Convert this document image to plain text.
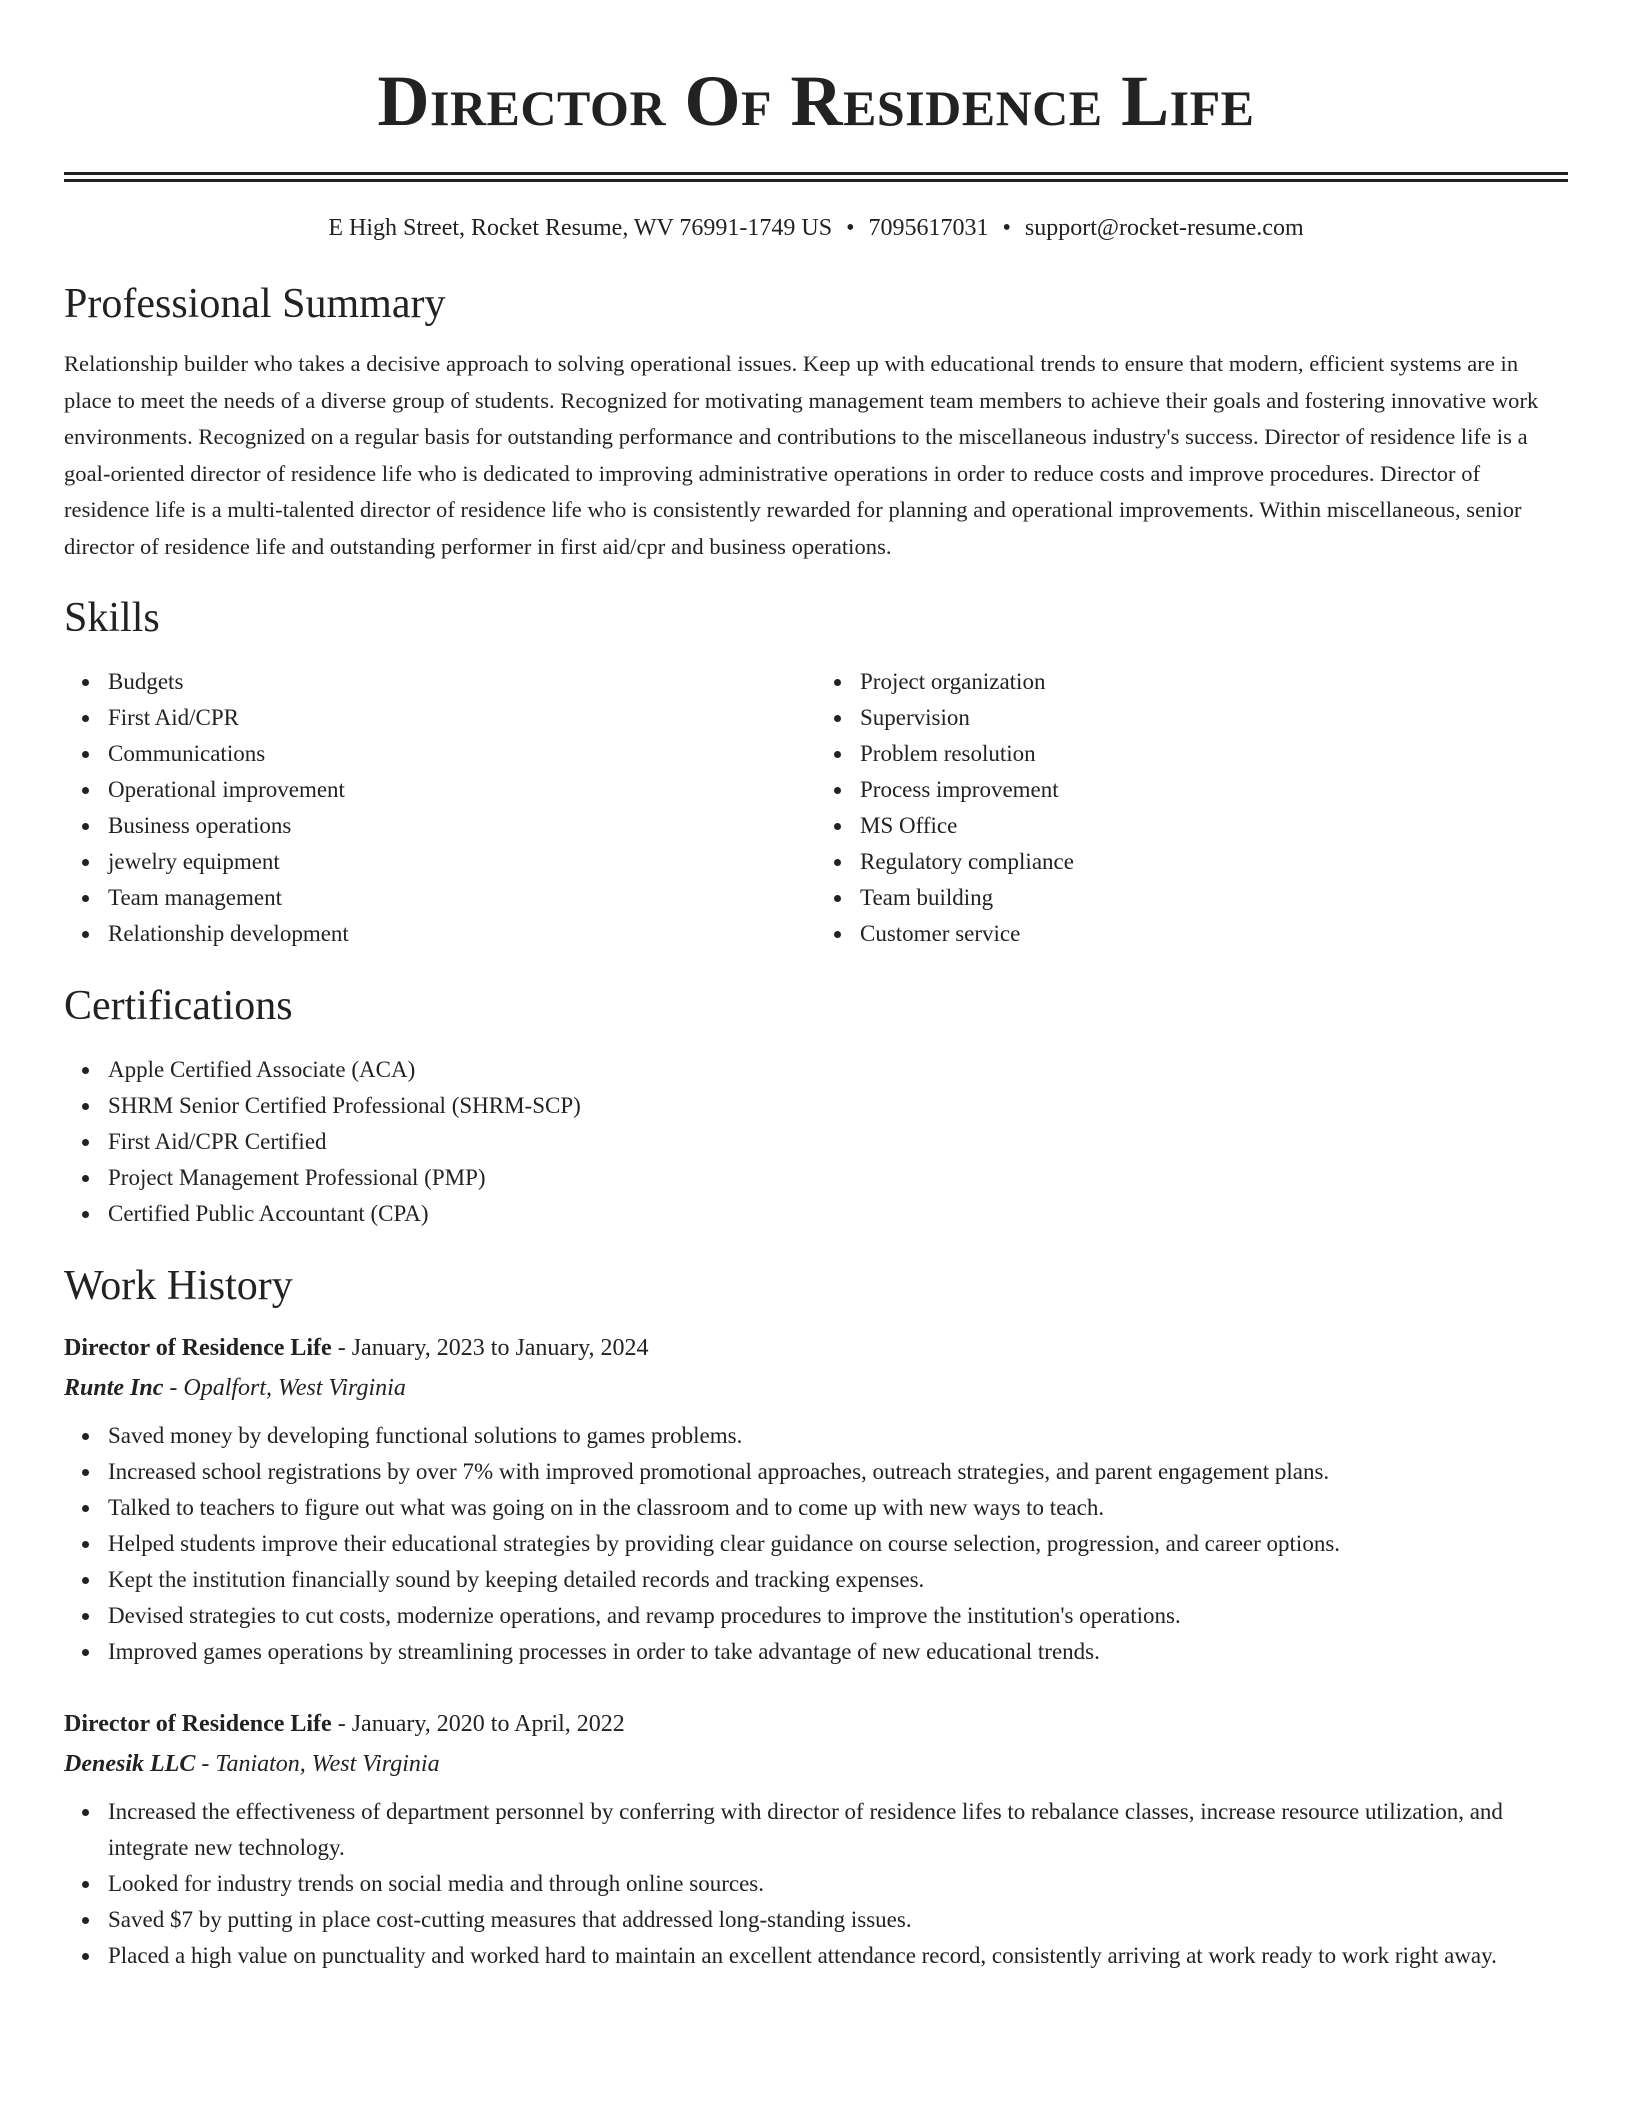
Director Of Residence Life
E High Street, Rocket Resume, WV 76991-1749 US • 7095617031 • support@rocket-resume.com
Professional Summary

Relationship builder who takes a decisive approach to solving operational issues. Keep up with educational trends to ensure that modern, efficient systems are in place to meet the needs of a diverse group of students. Recognized for motivating management team members to achieve their goals and fostering innovative work environments. Recognized on a regular basis for outstanding performance and contributions to the miscellaneous industry's success. Director of residence life is a goal-oriented director of residence life who is dedicated to improving administrative operations in order to reduce costs and improve procedures. Director of residence life is a multi-talented director of residence life who is consistently rewarded for planning and operational improvements. Within miscellaneous, senior director of residence life and outstanding performer in first aid/cpr and business operations.

Skills
Budgets
First Aid/CPR
Communications
Operational improvement
Business operations
jewelry equipment
Team management
Relationship development
Project organization
Supervision
Problem resolution
Process improvement
MS Office
Regulatory compliance
Team building
Customer service
Certifications
Apple Certified Associate (ACA)
SHRM Senior Certified Professional (SHRM-SCP)
First Aid/CPR Certified
Project Management Professional (PMP)
Certified Public Accountant (CPA)
Work History
Director of Residence Life - January, 2023 to January, 2024
Runte Inc - Opalfort, West Virginia
Saved money by developing functional solutions to games problems.
Increased school registrations by over 7% with improved promotional approaches, outreach strategies, and parent engagement plans.
Talked to teachers to figure out what was going on in the classroom and to come up with new ways to teach.
Helped students improve their educational strategies by providing clear guidance on course selection, progression, and career options.
Kept the institution financially sound by keeping detailed records and tracking expenses.
Devised strategies to cut costs, modernize operations, and revamp procedures to improve the institution's operations.
Improved games operations by streamlining processes in order to take advantage of new educational trends.
Director of Residence Life - January, 2020 to April, 2022
Denesik LLC - Taniaton, West Virginia
Increased the effectiveness of department personnel by conferring with director of residence lifes to rebalance classes, increase resource utilization, and integrate new technology.
Looked for industry trends on social media and through online sources.
Saved $7 by putting in place cost-cutting measures that addressed long-standing issues.
Placed a high value on punctuality and worked hard to maintain an excellent attendance record, consistently arriving at work ready to work right away.
